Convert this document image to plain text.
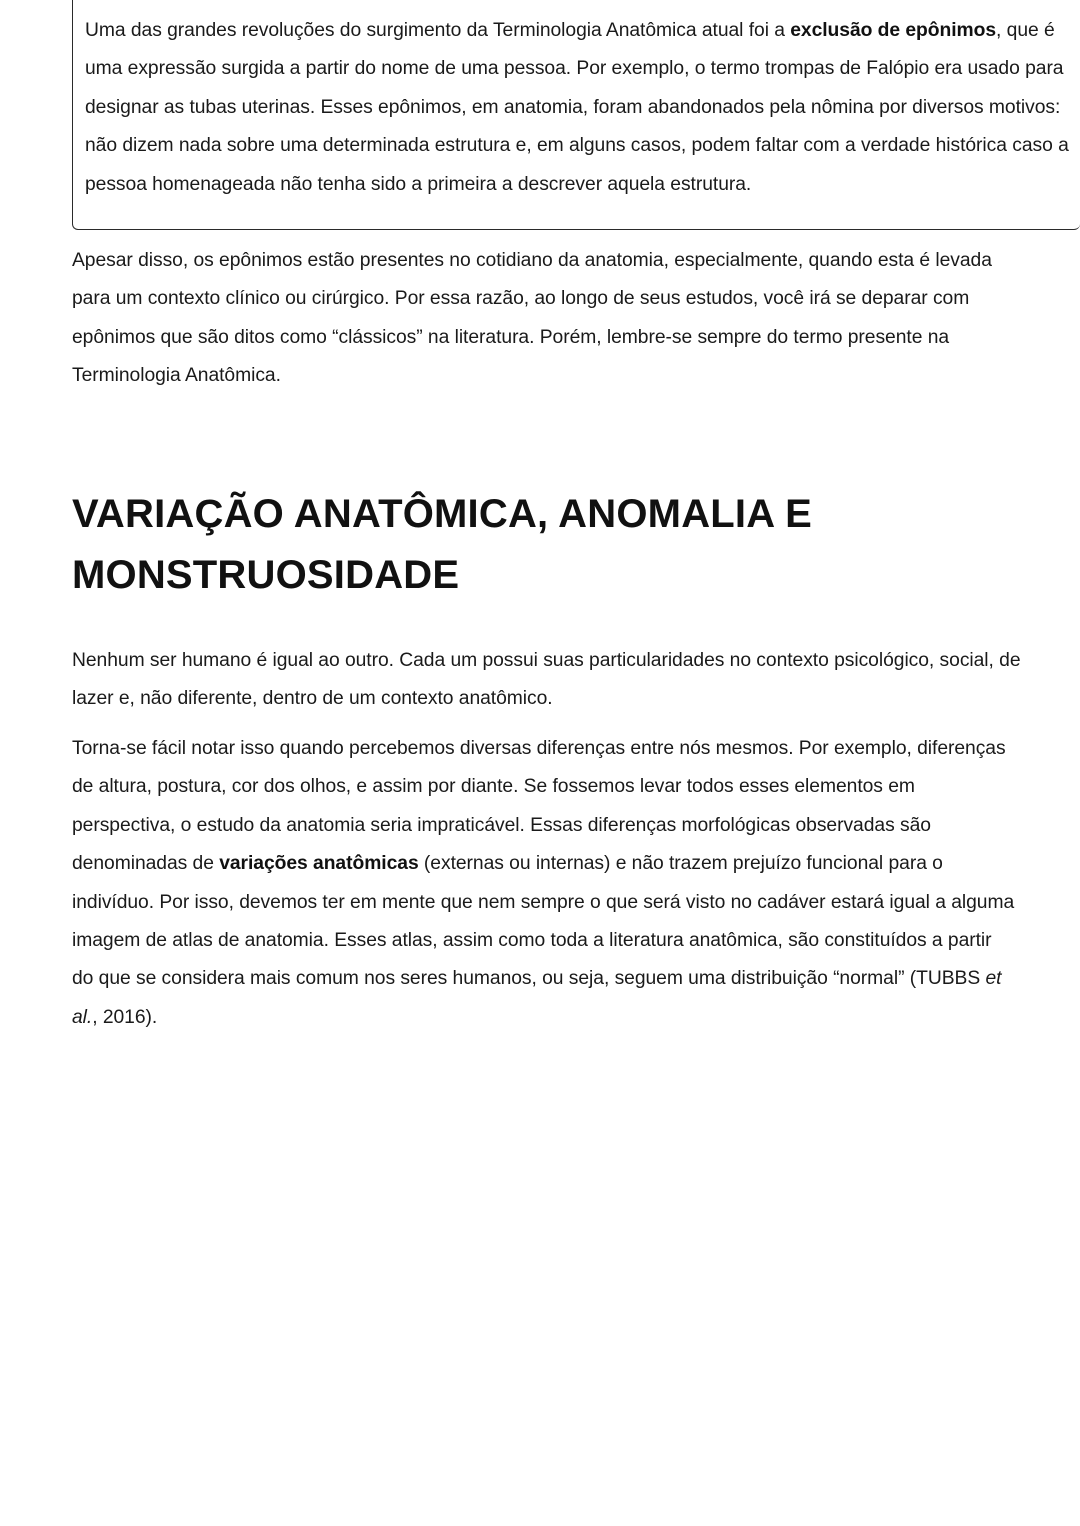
Uma das grandes revoluções do surgimento da Terminologia Anatômica atual foi a exclusão de epônimos, que é uma expressão surgida a partir do nome de uma pessoa. Por exemplo, o termo trompas de Falópio era usado para designar as tubas uterinas. Esses epônimos, em anatomia, foram abandonados pela nômina por diversos motivos: não dizem nada sobre uma determinada estrutura e, em alguns casos, podem faltar com a verdade histórica caso a pessoa homenageada não tenha sido a primeira a descrever aquela estrutura.

Apesar disso, os epônimos estão presentes no cotidiano da anatomia, especialmente, quando esta é levada para um contexto clínico ou cirúrgico. Por essa razão, ao longo de seus estudos, você irá se deparar com epônimos que são ditos como “clássicos” na literatura. Porém, lembre-se sempre do termo presente na Terminologia Anatômica.

VARIAÇÃO ANATÔMICA, ANOMALIA E
MONSTRUOSIDADE

Nenhum ser humano é igual ao outro. Cada um possui suas particularidades no contexto psicológico, social, de lazer e, não diferente, dentro de um contexto anatômico.

Torna-se fácil notar isso quando percebemos diversas diferenças entre nós mesmos. Por exemplo, diferenças de altura, postura, cor dos olhos, e assim por diante. Se fossemos levar todos esses elementos em perspectiva, o estudo da anatomia seria impraticável. Essas diferenças morfológicas observadas são denominadas de variações anatômicas (externas ou internas) e não trazem prejuízo funcional para o indivíduo. Por isso, devemos ter em mente que nem sempre o que será visto no cadáver estará igual a alguma imagem de atlas de anatomia. Esses atlas, assim como toda a literatura anatômica, são constituídos a partir do que se considera mais comum nos seres humanos, ou seja, seguem uma distribuição “normal” (TUBBS et al., 2016).
